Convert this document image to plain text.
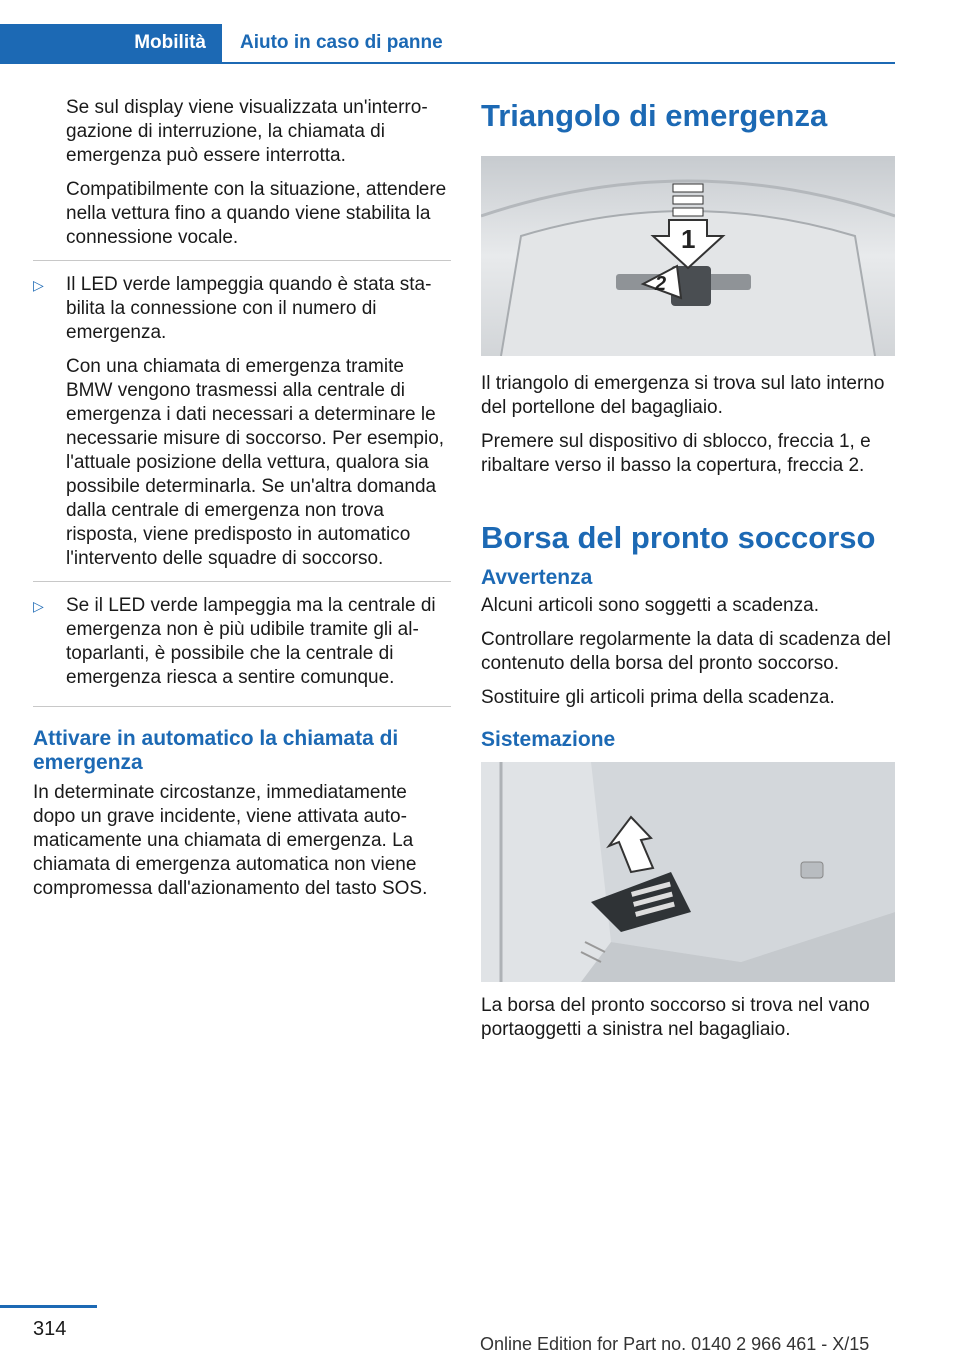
Mobilità	Aiuto in caso di panne

Se sul display viene visualizzata un'interrogazione di interruzione, la chiamata di emergenza può essere interrotta.

Compatibilmente con la situazione, attendere nella vettura fino a quando viene stabilita la connessione vocale.

▷ Il LED verde lampeggia quando è stata stabilita la connessione con il numero di emergenza.

Con una chiamata di emergenza tramite BMW vengono trasmessi alla centrale di emergenza i dati necessari a determinare le necessarie misure di soccorso. Per esempio, l'attuale posizione della vettura, qualora sia possibile determinarla. Se un'altra domanda dalla centrale di emergenza non trova risposta, viene predisposto in automatico l'intervento delle squadre di soccorso.

▷ Se il LED verde lampeggia ma la centrale di emergenza non è più udibile tramite gli altoparlanti, è possibile che la centrale di emergenza riesca a sentire comunque.

Attivare in automatico la chiamata di emergenza

In determinate circostanze, immediatamente dopo un grave incidente, viene attivata automaticamente una chiamata di emergenza. La chiamata di emergenza automatica non viene compromessa dall'azionamento del tasto SOS.

Triangolo di emergenza
1
2

Il triangolo di emergenza si trova sul lato interno del portellone del bagagliaio.

Premere sul dispositivo di sblocco, freccia 1, e ribaltare verso il basso la copertura, freccia 2.

Borsa del pronto soccorso
Avvertenza

Alcuni articoli sono soggetti a scadenza.

Controllare regolarmente la data di scadenza del contenuto della borsa del pronto soccorso.

Sostituire gli articoli prima della scadenza.

Sistemazione

La borsa del pronto soccorso si trova nel vano portaoggetti a sinistra nel bagagliaio.

314
Online Edition for Part no. 0140 2 966 461 - X/15
